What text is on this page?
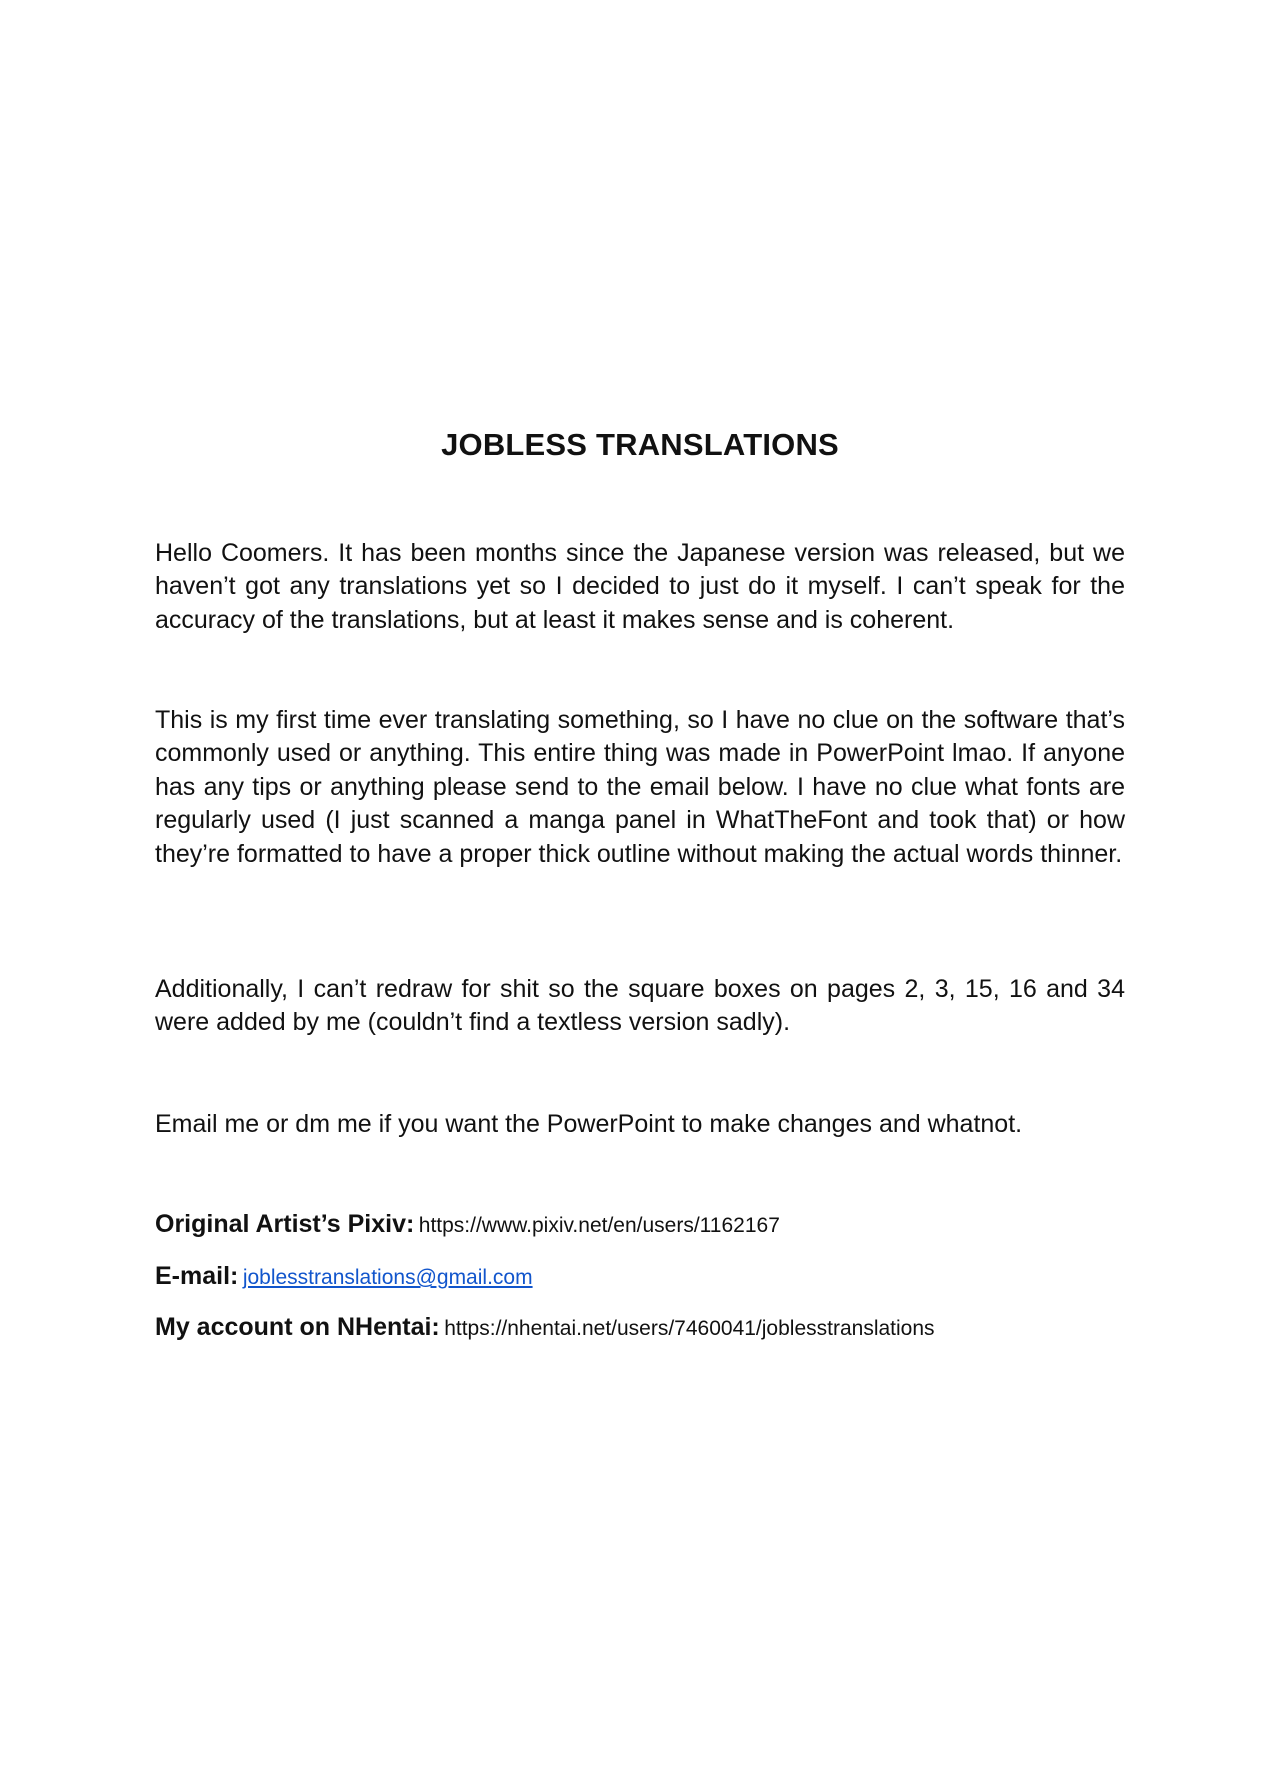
JOBLESS TRANSLATIONS

Hello Coomers. It has been months since the Japanese version was released, but we haven’t got any translations yet so I decided to just do it myself. I can’t speak for the accuracy of the translations, but at least it makes sense and is coherent.

This is my first time ever translating something, so I have no clue on the software that’s commonly used or anything. This entire thing was made in PowerPoint lmao. If anyone has any tips or anything please send to the email below. I have no clue what fonts are regularly used (I just scanned a manga panel in WhatTheFont and took that) or how they’re formatted to have a proper thick outline without making the actual words thinner.

Additionally, I can’t redraw for shit so the square boxes on pages 2, 3, 15, 16 and 34 were added by me (couldn’t find a textless version sadly).

Email me or dm me if you want the PowerPoint to make changes and whatnot.

Original Artist’s Pixiv: https://www.pixiv.net/en/users/1162167

E-mail: joblesstranslations@gmail.com

My account on NHentai: https://nhentai.net/users/7460041/joblesstranslations
